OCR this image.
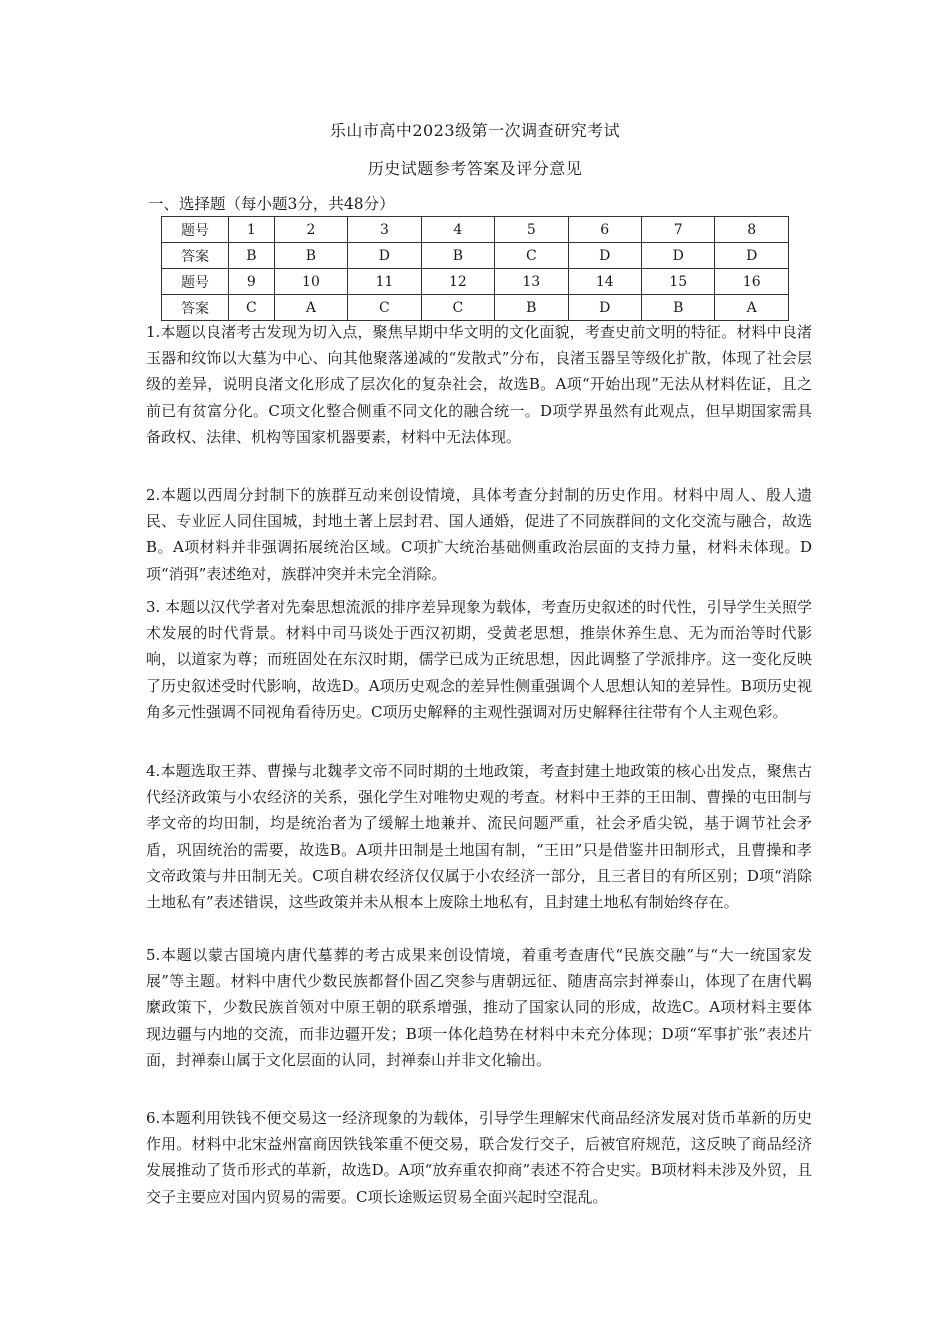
乐山市高中2023级第一次调查研究考试
历史试题参考答案及评分意见
一、选择题（每小题3分，共48分）
题号	1	2	3	4	5	6	7	8
答案	B	B	D	B	C	D	D	D
题号	9	10	11	12	13	14	15	16
答案	C	A	C	C	B	D	B	A

1.本题以良渚考古发现为切入点，聚焦早期中华文明的文化面貌，考查史前文明的特征。材料中良渚玉器和纹饰以大墓为中心、向其他聚落递减的“发散式”分布，良渚玉器呈等级化扩散，体现了社会层级的差异，说明良渚文化形成了层次化的复杂社会，故选B。A项“开始出现”无法从材料佐证，且之前已有贫富分化。C项文化整合侧重不同文化的融合统一。D项学界虽然有此观点，但早期国家需具备政权、法律、机构等国家机器要素，材料中无法体现。

2.本题以西周分封制下的族群互动来创设情境，具体考查分封制的历史作用。材料中周人、殷人遗民、专业匠人同住国城，封地土著上层封君、国人通婚，促进了不同族群间的文化交流与融合，故选B。A项材料并非强调拓展统治区域。C项扩大统治基础侧重政治层面的支持力量，材料未体现。D项“消弭”表述绝对，族群冲突并未完全消除。

3. 本题以汉代学者对先秦思想流派的排序差异现象为载体，考查历史叙述的时代性，引导学生关照学术发展的时代背景。材料中司马谈处于西汉初期，受黄老思想，推崇休养生息、无为而治等时代影响，以道家为尊；而班固处在东汉时期，儒学已成为正统思想，因此调整了学派排序。这一变化反映了历史叙述受时代影响，故选D。A项历史观念的差异性侧重强调个人思想认知的差异性。B项历史视角多元性强调不同视角看待历史。C项历史解释的主观性强调对历史解释往往带有个人主观色彩。

4.本题选取王莽、曹操与北魏孝文帝不同时期的土地政策，考查封建土地政策的核心出发点，聚焦古代经济政策与小农经济的关系，强化学生对唯物史观的考查。材料中王莽的王田制、曹操的屯田制与孝文帝的均田制，均是统治者为了缓解土地兼并、流民问题严重，社会矛盾尖锐，基于调节社会矛盾，巩固统治的需要，故选B。A项井田制是土地国有制，“王田”只是借鉴井田制形式，且曹操和孝文帝政策与井田制无关。C项自耕农经济仅仅属于小农经济一部分，且三者目的有所区别；D项“消除土地私有”表述错误，这些政策并未从根本上废除土地私有，且封建土地私有制始终存在。

5.本题以蒙古国境内唐代墓葬的考古成果来创设情境，着重考查唐代“民族交融”与“大一统国家发展”等主题。材料中唐代少数民族都督仆固乙突参与唐朝远征、随唐高宗封禅泰山，体现了在唐代羁縻政策下，少数民族首领对中原王朝的联系增强，推动了国家认同的形成，故选C。A项材料主要体现边疆与内地的交流，而非边疆开发；B项一体化趋势在材料中未充分体现；D项“军事扩张”表述片面，封禅泰山属于文化层面的认同，封禅泰山并非文化输出。

6.本题利用铁钱不便交易这一经济现象的为载体，引导学生理解宋代商品经济发展对货币革新的历史作用。材料中北宋益州富商因铁钱笨重不便交易，联合发行交子，后被官府规范，这反映了商品经济发展推动了货币形式的革新，故选D。A项“放弃重农抑商”表述不符合史实。B项材料未涉及外贸，且交子主要应对国内贸易的需要。C项长途贩运贸易全面兴起时空混乱。
